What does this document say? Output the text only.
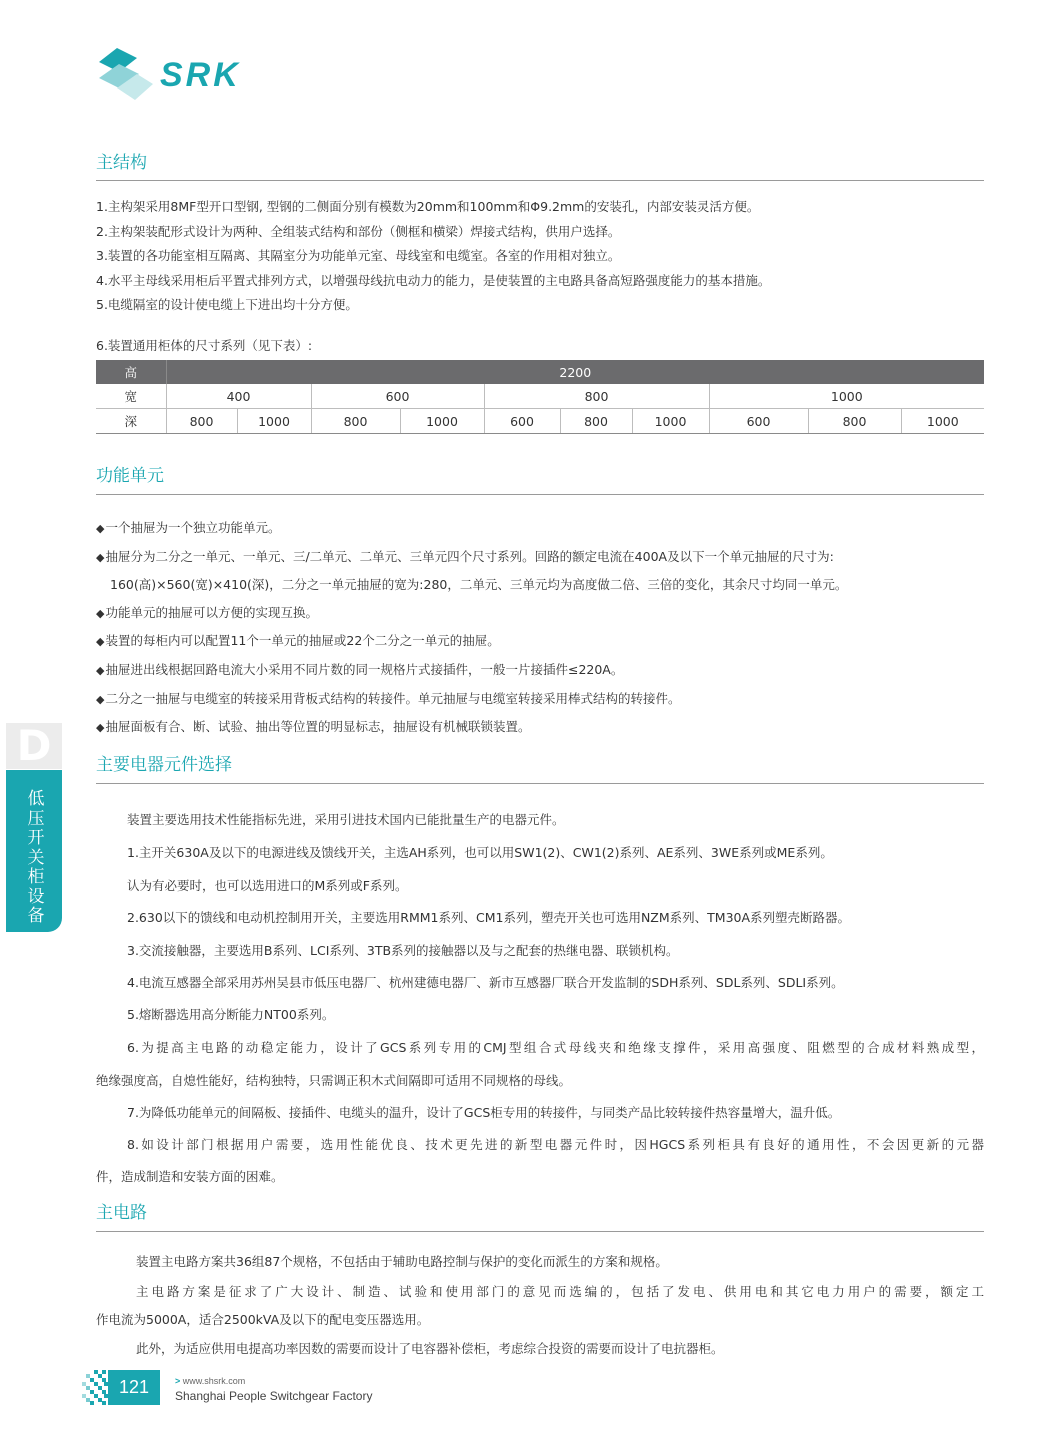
SRK
主结构
1.主构架采用8MF型开口型钢, 型钢的二侧面分别有模数为20mm和100mm和Φ9.2mm的安装孔，内部安装灵活方便。
2.主构架装配形式设计为两种、全组装式结构和部份（侧框和横梁）焊接式结构，供用户选择。
3.装置的各功能室相互隔离、其隔室分为功能单元室、母线室和电缆室。各室的作用相对独立。
4.水平主母线采用柜后平置式排列方式，以增强母线抗电动力的能力，是使装置的主电路具备高短路强度能力的基本措施。
5.电缆隔室的设计使电缆上下进出均十分方便。
6.装置通用柜体的尺寸系列（见下表）:
高	2200									
宽	400		600		800			1000		
深	800	1000	800	1000	600	800	1000	600	800	1000
功能单元
◆一个抽屉为一个独立功能单元。
◆抽屉分为二分之一单元、一单元、三/二单元、二单元、三单元四个尺寸系列。回路的额定电流在400A及以下一个单元抽屉的尺寸为:
160(高)×560(宽)×410(深)，二分之一单元抽屉的宽为:280，二单元、三单元均为高度做二倍、三倍的变化，其余尺寸均同一单元。
◆功能单元的抽屉可以方便的实现互换。
◆装置的每柜内可以配置11个一单元的抽屉或22个二分之一单元的抽屉。
◆抽屉进出线根据回路电流大小采用不同片数的同一规格片式接插件，一般一片接插件≤220A。
◆二分之一抽屉与电缆室的转接采用背板式结构的转接件。单元抽屉与电缆室转接采用棒式结构的转接件。
◆抽屉面板有合、断、试验、抽出等位置的明显标志，抽屉设有机械联锁装置。
D
低压开关柜设备
主要电器元件选择
装置主要选用技术性能指标先进，采用引进技术国内已能批量生产的电器元件。
1.主开关630A及以下的电源进线及馈线开关，主选AH系列，也可以用SW1(2)、CW1(2)系列、AE系列、3WE系列或ME系列。
认为有必要时，也可以选用进口的M系列或F系列。
2.630以下的馈线和电动机控制用开关，主要选用RMM1系列、CM1系列，塑壳开关也可选用NZM系列、TM30A系列塑壳断路器。
3.交流接触器，主要选用B系列、LCI系列、3TB系列的接触器以及与之配套的热继电器、联锁机构。
4.电流互感器全部采用苏州吴县市低压电器厂、杭州建德电器厂、新市互感器厂联合开发监制的SDH系列、SDL系列、SDLI系列。
5.熔断器选用高分断能力NT00系列。
6.为提高主电路的动稳定能力，设计了GCS系列专用的CMJ型组合式母线夹和绝缘支撑件，采用高强度、阻燃型的合成材料熟成型，
绝缘强度高，自熄性能好，结构独特，只需调正积木式间隔即可适用不同规格的母线。
7.为降低功能单元的间隔板、接插件、电缆头的温升，设计了GCS柜专用的转接件，与同类产品比较转接件热容量增大，温升低。
8.如设计部门根据用户需要，选用性能优良、技术更先进的新型电器元件时，因HGCS系列柜具有良好的通用性，不会因更新的元器
件，造成制造和安装方面的困难。
主电路
装置主电路方案共36组87个规格，不包括由于辅助电路控制与保护的变化而派生的方案和规格。
主电路方案是征求了广大设计、制造、试验和使用部门的意见而选编的，包括了发电、供用电和其它电力用户的需要，额定工
作电流为5000A，适合2500kVA及以下的配电变压器选用。
此外，为适应供用电提高功率因数的需要而设计了电容器补偿柜，考虑综合投资的需要而设计了电抗器柜。
121	> www.shsrk.com
Shanghai People Switchgear Factory
